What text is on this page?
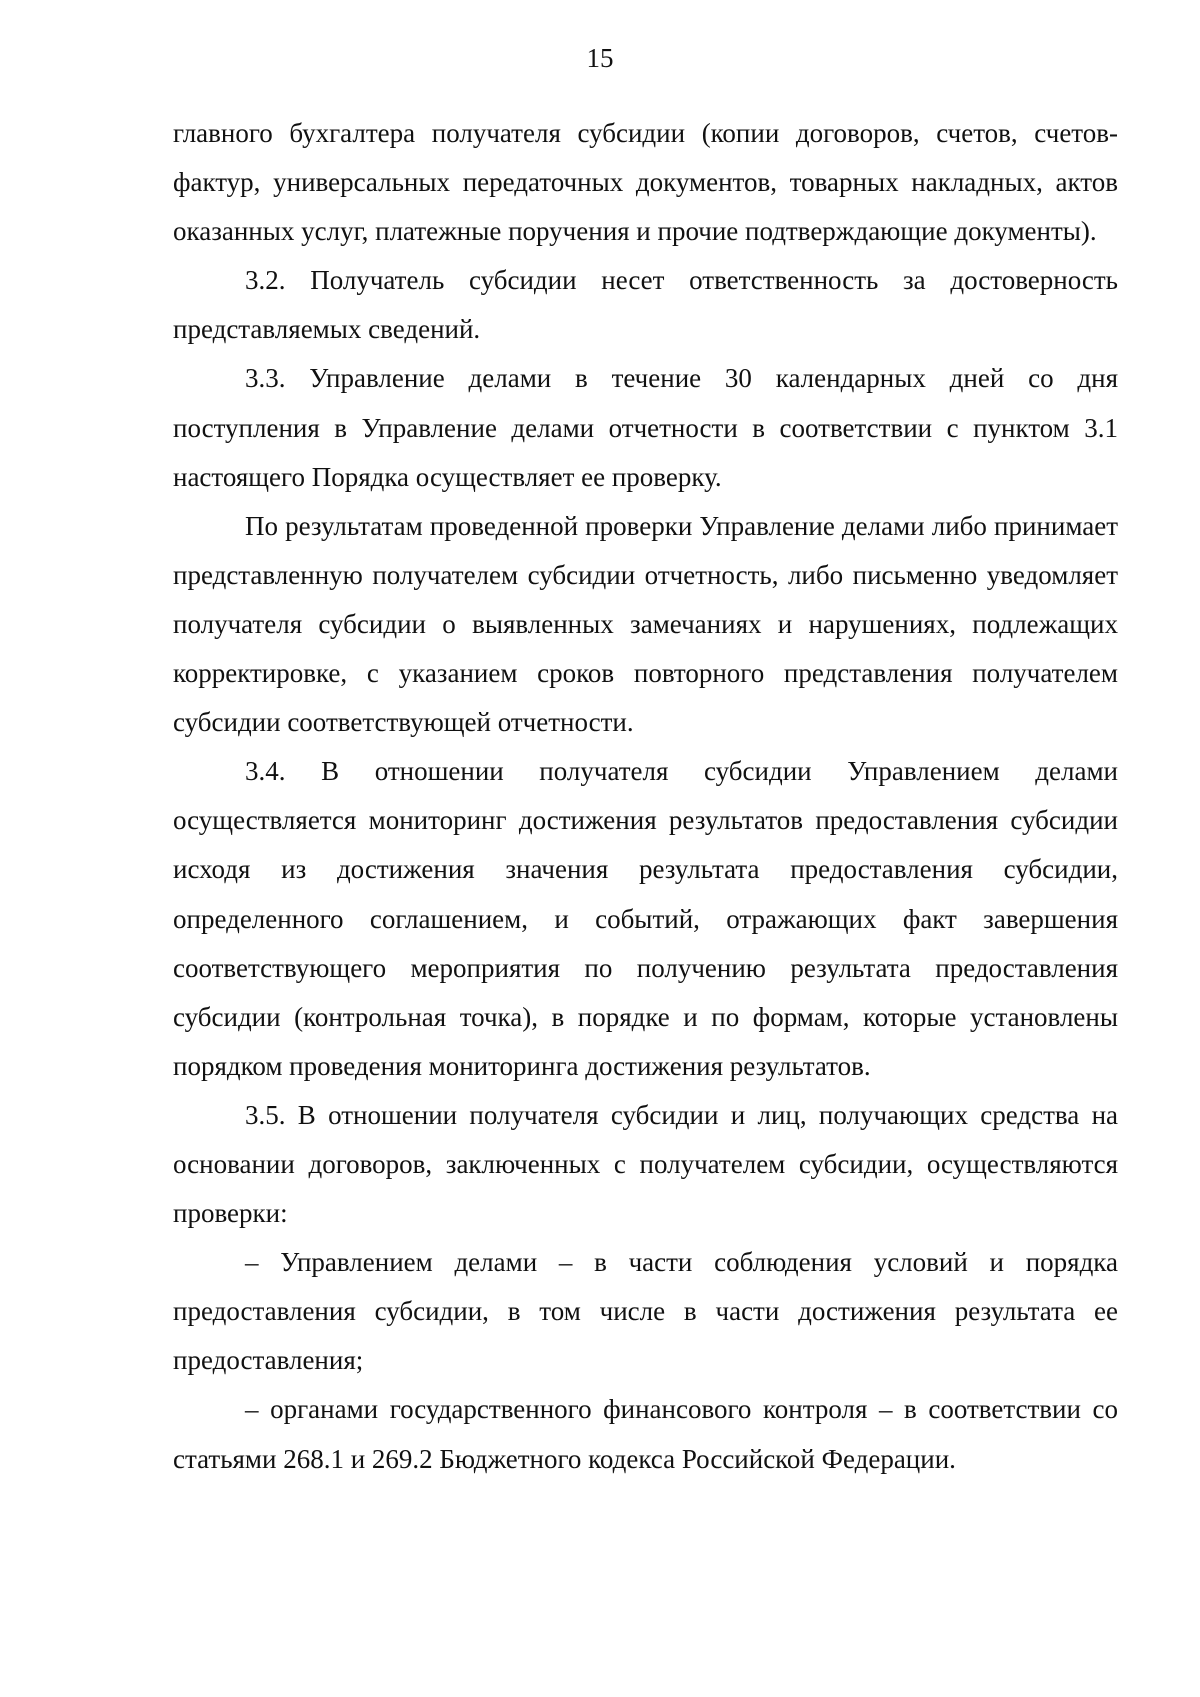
15

главного бухгалтера получателя субсидии (копии договоров, счетов, счетов-фактур, универсальных передаточных документов, товарных накладных, актов оказанных услуг, платежные поручения и прочие подтверждающие документы).

3.2. Получатель субсидии несет ответственность за достоверность представляемых сведений.

3.3. Управление делами в течение 30 календарных дней со дня поступления в Управление делами отчетности в соответствии с пунктом 3.1 настоящего Порядка осуществляет ее проверку.

По результатам проведенной проверки Управление делами либо принимает представленную получателем субсидии отчетность, либо письменно уведомляет получателя субсидии о выявленных замечаниях и нарушениях, подлежащих корректировке, с указанием сроков повторного представления получателем субсидии соответствующей отчетности.

3.4. В отношении получателя субсидии Управлением делами осуществляется мониторинг достижения результатов предоставления субсидии исходя из достижения значения результата предоставления субсидии, определенного соглашением, и событий, отражающих факт завершения соответствующего мероприятия по получению результата предоставления субсидии (контрольная точка), в порядке и по формам, которые установлены порядком проведения мониторинга достижения результатов.

3.5. В отношении получателя субсидии и лиц, получающих средства на основании договоров, заключенных с получателем субсидии, осуществляются проверки:

– Управлением делами – в части соблюдения условий и порядка предоставления субсидии, в том числе в части достижения результата ее предоставления;

– органами государственного финансового контроля – в соответствии со статьями 268.1 и 269.2 Бюджетного кодекса Российской Федерации.
